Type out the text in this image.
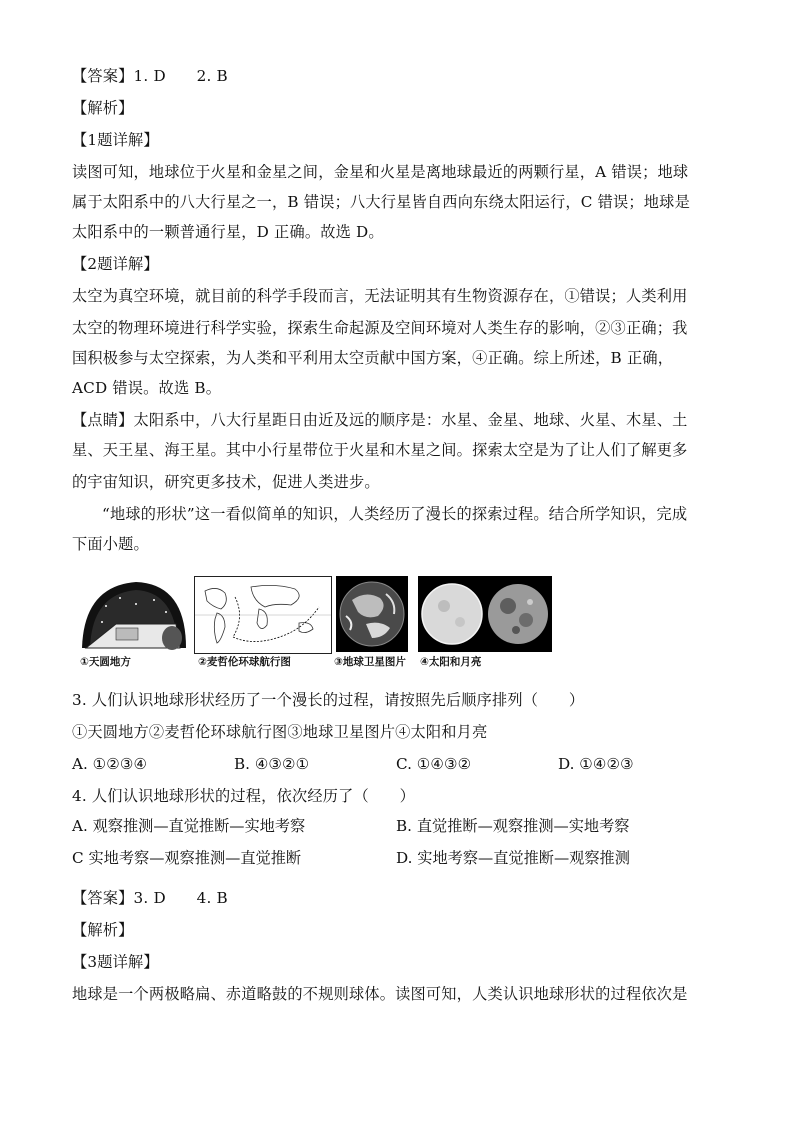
【答案】1. D　　2. B
【解析】
【1题详解】
读图可知，地球位于火星和金星之间，金星和火星是离地球最近的两颗行星，A 错误；地球
属于太阳系中的八大行星之一，B 错误；八大行星皆自西向东绕太阳运行，C 错误；地球是
太阳系中的一颗普通行星，D 正确。故选 D。
【2题详解】
太空为真空环境，就目前的科学手段而言，无法证明其有生物资源存在，①错误；人类利用
太空的物理环境进行科学实验，探索生命起源及空间环境对人类生存的影响，②③正确；我
国积极参与太空探索，为人类和平利用太空贡献中国方案，④正确。综上所述，B 正确，
ACD 错误。故选 B。
【点睛】太阳系中，八大行星距日由近及远的顺序是：水星、金星、地球、火星、木星、土
星、天王星、海王星。其中小行星带位于火星和木星之间。探索太空是为了让人们了解更多
的宇宙知识，研究更多技术，促进人类进步。
“地球的形状”这一看似简单的知识，人类经历了漫长的探索过程。结合所学知识，完成
下面小题。
①天圆地方	②麦哲伦环球航行图	③地球卫星图片 ④太阳和月亮
3. 人们认识地球形状经历了一个漫长的过程，请按照先后顺序排列（　　）
①天圆地方②麦哲伦环球航行图③地球卫星图片④太阳和月亮
A. ①②③④	B. ④③②①	C. ①④③②	D. ①④②③
4. 人们认识地球形状的过程，依次经历了（　　）
A. 观察推测—直觉推断—实地考察	B. 直觉推断—观察推测—实地考察
C 实地考察—观察推测—直觉推断	D. 实地考察—直觉推断—观察推测
【答案】3. D　　4. B
【解析】
【3题详解】
地球是一个两极略扁、赤道略鼓的不规则球体。读图可知，人类认识地球形状的过程依次是
